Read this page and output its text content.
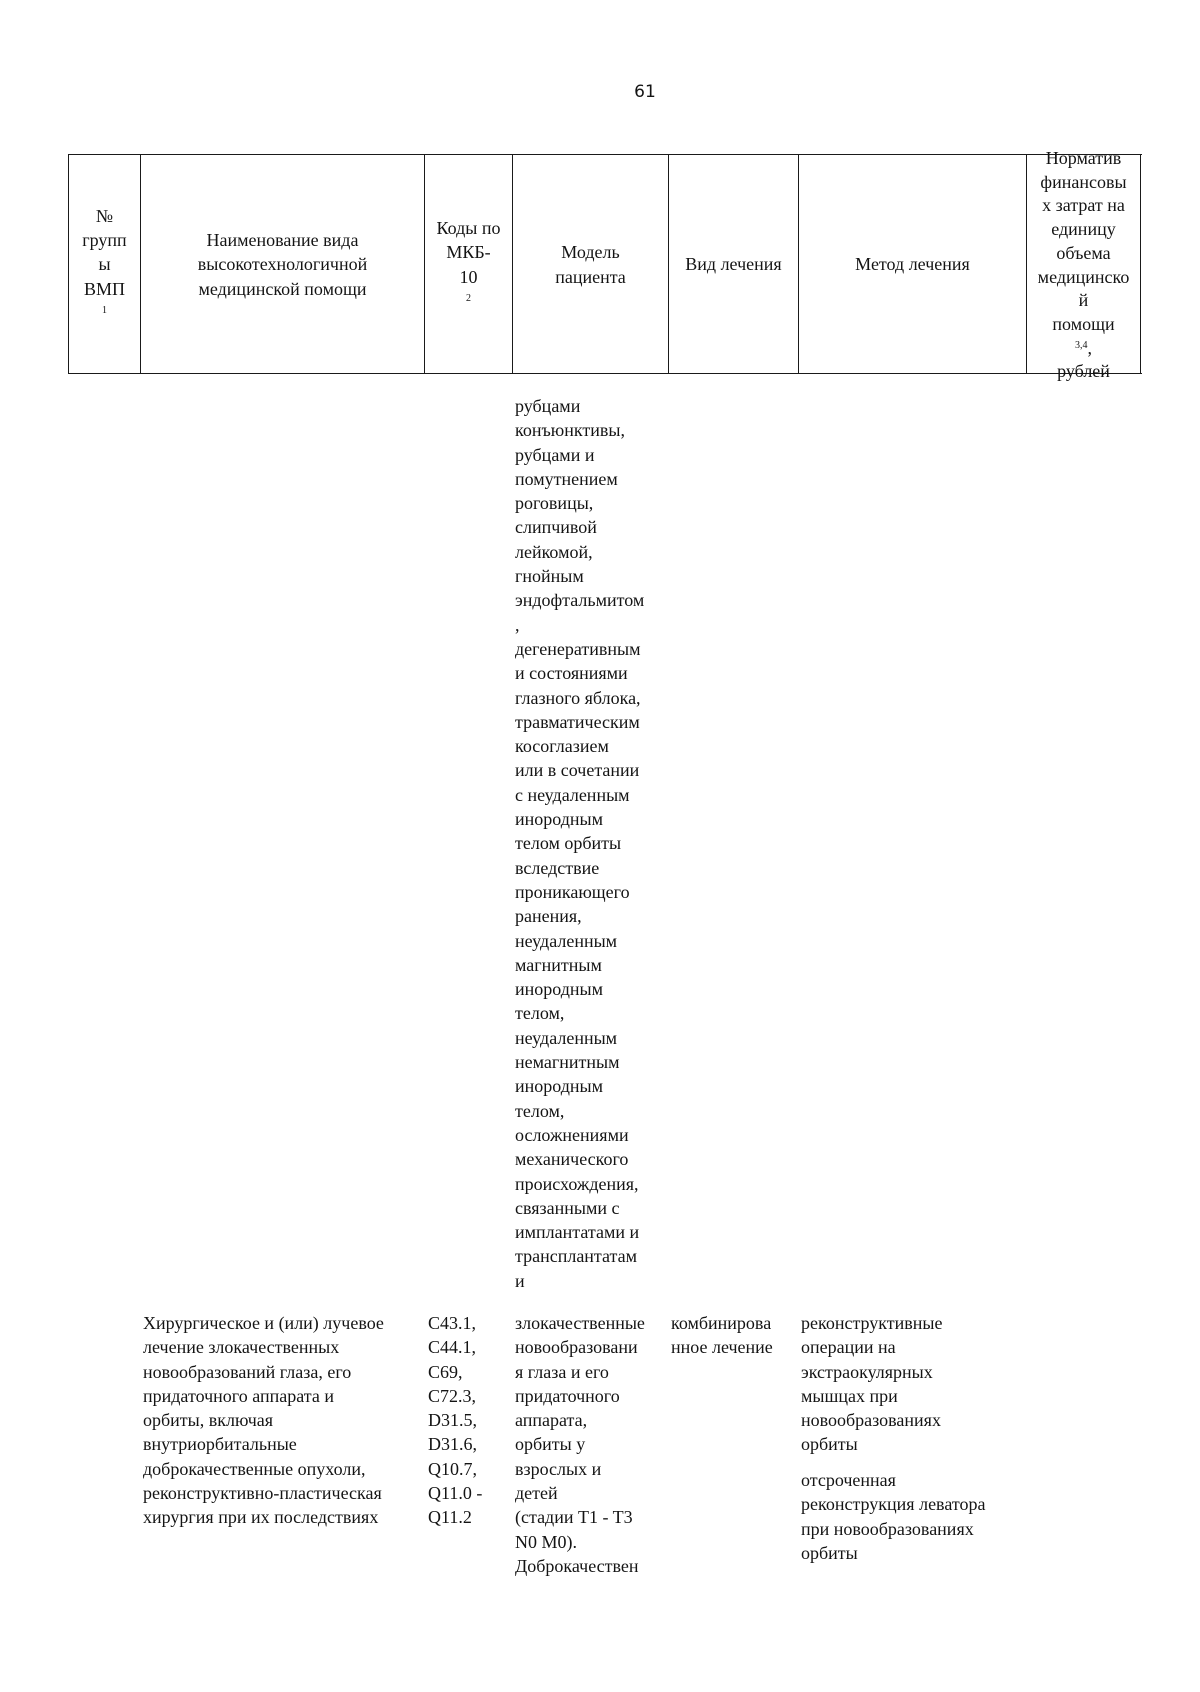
61
№
групп
ы
ВМП
$^1$
Наименование вида
высокотехнологичной
медицинской помощи
Коды по
МКБ-
10
$^2$
Модель
пациента
Вид лечения	Метод лечения
Норматив
финансовы
х затрат на
единицу
объема
медицинско
й
помощи
$^{3,4}$,
рублей
рубцами
конъюнктивы,
рубцами и
помутнением
роговицы,
слипчивой
лейкомой,
гнойным
эндофтальмитом
,
дегенеративным
и состояниями
глазного яблока,
травматическим
косоглазием
или в сочетании
с неудаленным
инородным
телом орбиты
вследствие
проникающего
ранения,
неудаленным
магнитным
инородным
телом,
неудаленным
немагнитным
инородным
телом,
осложнениями
механического
происхождения,
связанными с
имплантатами и
трансплантатам
и
Хирургическое и (или) лучевое
лечение злокачественных
новообразований глаза, его
придаточного аппарата и
орбиты, включая
внутриорбитальные
доброкачественные опухоли,
реконструктивно-пластическая
хирургия при их последствиях
C43.1,
C44.1,
C69,
C72.3,
D31.5,
D31.6,
Q10.7,
Q11.0 -
Q11.2
злокачественные
новообразовани
я глаза и его
придаточного
аппарата,
орбиты у
взрослых и
детей
(стадии T1 - T3
N0 M0).
Доброкачествен
комбинирова
нное лечение
реконструктивные
операции на
экстраокулярных
мышцах при
новообразованиях
орбиты
отсроченная
реконструкция леватора
при новообразованиях
орбиты
